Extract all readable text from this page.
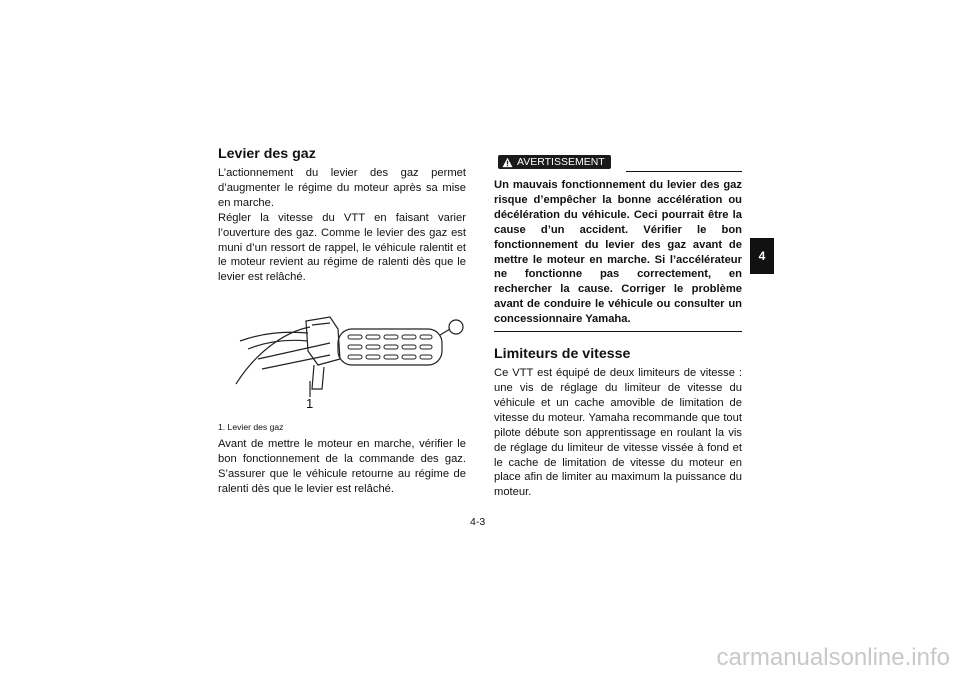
Levier des gaz

L’actionnement du levier des gaz permet d’augmenter le régime du moteur après sa mise en marche.

Régler la vitesse du VTT en faisant varier l’ouverture des gaz. Comme le levier des gaz est muni d’un ressort de rappel, le véhicule ralentit et le moteur revient au régime de ralenti dès que le levier est relâché.

1
1. Levier des gaz

Avant de mettre le moteur en marche, vérifier le bon fonctionnement de la commande des gaz. S’assurer que le véhicule retourne au régime de ralenti dès que le levier est relâché.

AVERTISSEMENT

Un mauvais fonctionnement du levier des gaz risque d’empêcher la bonne accélération ou décélération du véhicule. Ceci pourrait être la cause d’un accident. Vérifier le bon fonctionnement du levier des gaz avant de mettre le moteur en marche. Si l’accélérateur ne fonctionne pas correctement, en rechercher la cause. Corriger le problème avant de conduire le véhicule ou consulter un concessionnaire Yamaha.

Limiteurs de vitesse

Ce VTT est équipé de deux limiteurs de vitesse : une vis de réglage du limiteur de vitesse du véhicule et un cache amovible de limitation de vitesse du moteur. Yamaha recommande que tout pilote débute son apprentissage en roulant la vis de réglage du limiteur de vitesse vissée à fond et le cache de limitation de vitesse du moteur en place afin de limiter au maximum la puissance du moteur.

4
4-3
carmanualsonline.info
